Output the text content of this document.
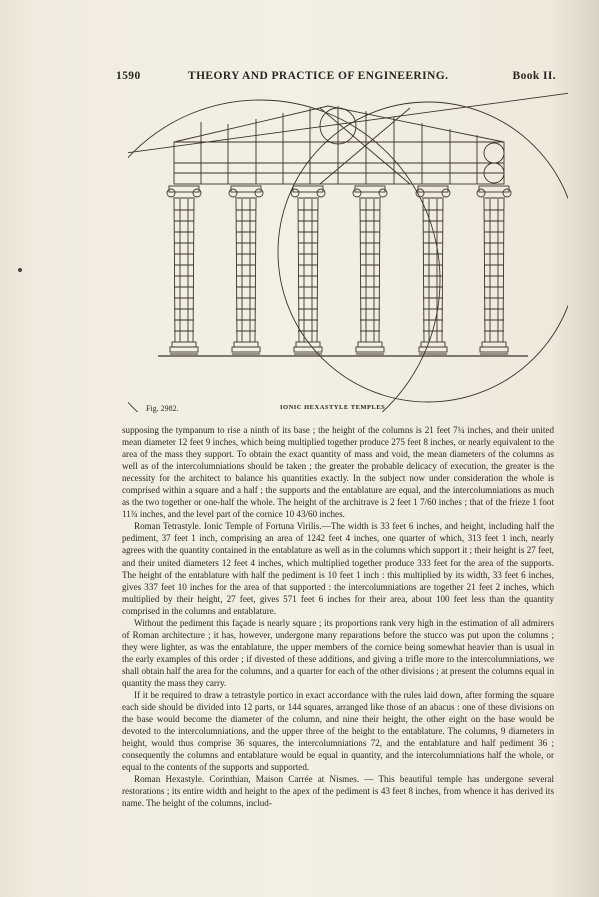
1590	THEORY AND PRACTICE OF ENGINEERING.	Book II.
Fig. 2982.	IONIC HEXASTYLE TEMPLES.

supposing the tympanum to rise a ninth of its base ; the height of the columns is 21 feet 7¼ inches, and their united mean diameter 12 feet 9 inches, which being multiplied together produce 275 feet 8 inches, or nearly equivalent to the area of the mass they support. To obtain the exact quantity of mass and void, the mean diameters of the columns as well as of the intercolumniations should be taken ; the greater the probable delicacy of execution, the greater is the necessity for the architect to balance his quantities exactly. In the subject now under consideration the whole is comprised within a square and a half ; the supports and the entablature are equal, and the intercolumniations as much as the two together or one-half the whole. The height of the architrave is 2 feet 1 7/60 inches ; that of the frieze 1 foot 11¾ inches, and the level part of the cornice 10 43/60 inches.

Roman Tetrastyle. Ionic Temple of Fortuna Virilis.—The width is 33 feet 6 inches, and height, including half the pediment, 37 feet 1 inch, comprising an area of 1242 feet 4 inches, one quarter of which, 313 feet 1 inch, nearly agrees with the quantity contained in the entablature as well as in the columns which support it ; their height is 27 feet, and their united diameters 12 feet 4 inches, which multiplied together produce 333 feet for the area of the supports. The height of the entablature with half the pediment is 10 feet 1 inch : this multiplied by its width, 33 feet 6 inches, gives 337 feet 10 inches for the area of that supported : the intercolumniations are together 21 feet 2 inches, which multiplied by their height, 27 feet, gives 571 feet 6 inches for their area, about 100 feet less than the quantity comprised in the columns and entablature.

Without the pediment this façade is nearly square ; its proportions rank very high in the estimation of all admirers of Roman architecture ; it has, however, undergone many reparations before the stucco was put upon the columns ; they were lighter, as was the entablature, the upper members of the cornice being somewhat heavier than is usual in the early examples of this order ; if divested of these additions, and giving a trifle more to the intercolumniations, we shall obtain half the area for the columns, and a quarter for each of the other divisions ; at present the columns equal in quantity the mass they carry.

If it be required to draw a tetrastyle portico in exact accordance with the rules laid down, after forming the square each side should be divided into 12 parts, or 144 squares, arranged like those of an abacus : one of these divisions on the base would become the diameter of the column, and nine their height, the other eight on the base would be devoted to the intercolumniations, and the upper three of the height to the entablature. The columns, 9 diameters in height, would thus comprise 36 squares, the intercolumniations 72, and the entablature and half pediment 36 ; consequently the columns and entablature would be equal in quantity, and the intercolumniations half the whole, or equal to the contents of the supports and supported.

Roman Hexastyle. Corinthian, Maison Carrée at Nismes. — This beautiful temple has undergone several restorations ; its entire width and height to the apex of the pediment is 43 feet 8 inches, from whence it has derived its name. The height of the columns, includ-
